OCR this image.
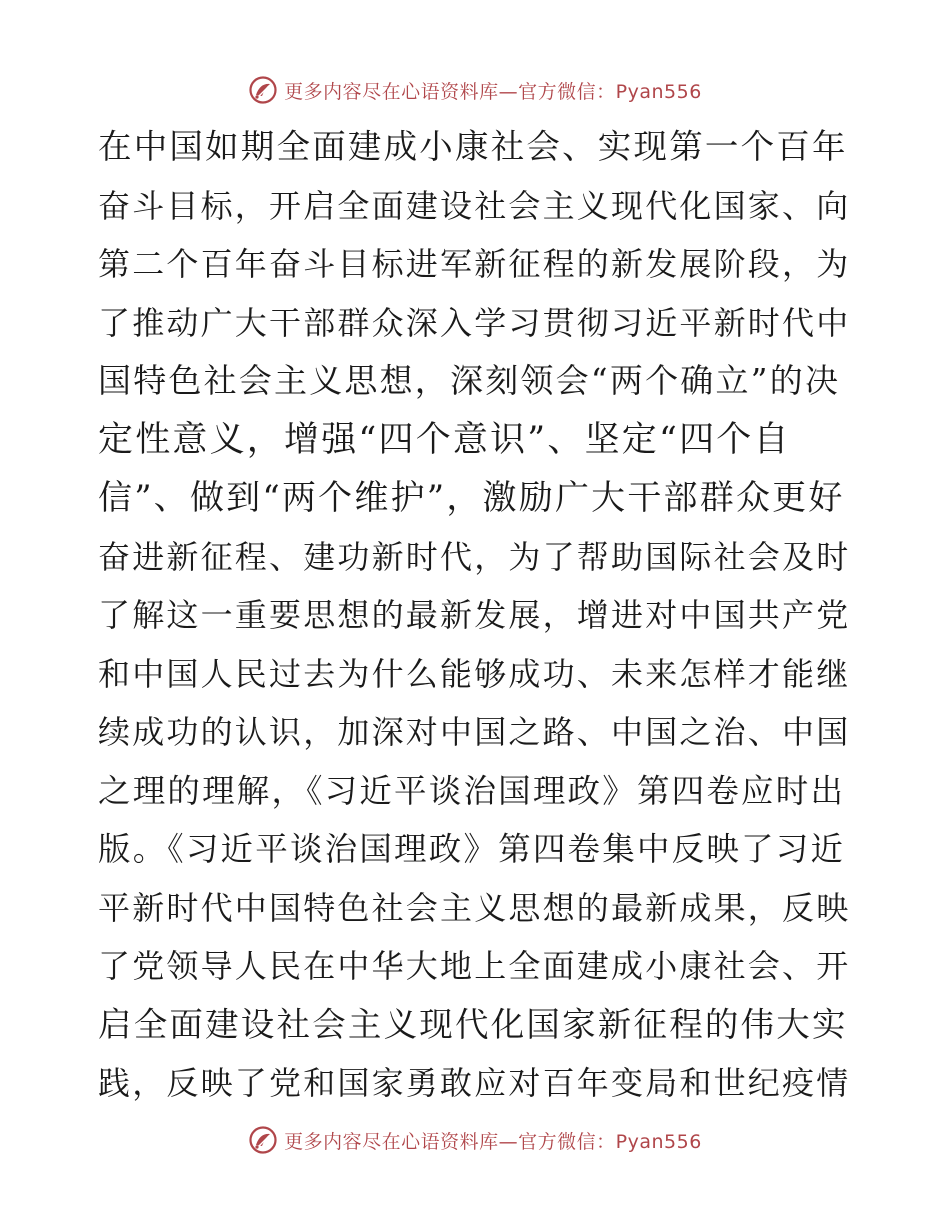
更多内容尽在心语资料库—官方微信：Pyan556
在中国如期全面建成小康社会、实现第一个百年
奋斗目标，开启全面建设社会主义现代化国家、向
第二个百年奋斗目标进军新征程的新发展阶段，为
了推动广大干部群众深入学习贯彻习近平新时代中
国特色社会主义思想，深刻领会“两个确立”的决
定性意义，增强“四个意识”、坚定“四个自
信”、做到“两个维护”，激励广大干部群众更好
奋进新征程、建功新时代，为了帮助国际社会及时
了解这一重要思想的最新发展，增进对中国共产党
和中国人民过去为什么能够成功、未来怎样才能继
续成功的认识，加深对中国之路、中国之治、中国
之理的理解，《习近平谈治国理政》第四卷应时出
版。《习近平谈治国理政》第四卷集中反映了习近
平新时代中国特色社会主义思想的最新成果，反映
了党领导人民在中华大地上全面建成小康社会、开
启全面建设社会主义现代化国家新征程的伟大实
践，反映了党和国家勇敢应对百年变局和世纪疫情
更多内容尽在心语资料库—官方微信：Pyan556
